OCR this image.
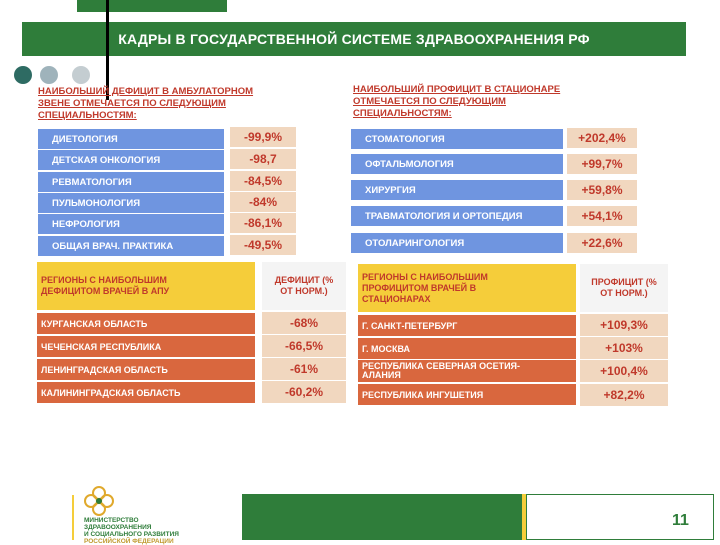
КАДРЫ В ГОСУДАРСТВЕННОЙ СИСТЕМЕ ЗДРАВООХРАНЕНИЯ РФ
НАИБОЛЬШИЙ ДЕФИЦИТ В АМБУЛАТОРНОМ
ЗВЕНЕ ОТМЕЧАЕТСЯ ПО СЛЕДУЮЩИМ
СПЕЦИАЛЬНОСТЯМ:
НАИБОЛЬШИЙ ПРОФИЦИТ В СТАЦИОНАРЕ
ОТМЕЧАЕТСЯ ПО СЛЕДУЮЩИМ
СПЕЦИАЛЬНОСТЯМ:
ДИЕТОЛОГИЯ	-99,9%
ДЕТСКАЯ ОНКОЛОГИЯ	-98,7
РЕВМАТОЛОГИЯ	-84,5%
ПУЛЬМОНОЛОГИЯ	-84%
НЕФРОЛОГИЯ	-86,1%
ОБЩАЯ ВРАЧ. ПРАКТИКА	-49,5%
СТОМАТОЛОГИЯ	+202,4%
ОФТАЛЬМОЛОГИЯ	+99,7%
ХИРУРГИЯ	+59,8%
ТРАВМАТОЛОГИЯ И ОРТОПЕДИЯ	+54,1%
ОТОЛАРИНГОЛОГИЯ	+22,6%
РЕГИОНЫ С НАИБОЛЬШИМ
ДЕФИЦИТОМ ВРАЧЕЙ В АПУ
ДЕФИЦИТ (%
ОТ НОРМ.)
КУРГАНСКАЯ ОБЛАСТЬ	-68%
ЧЕЧЕНСКАЯ РЕСПУБЛИКА	-66,5%
ЛЕНИНГРАДСКАЯ ОБЛАСТЬ	-61%
КАЛИНИНГРАДСКАЯ ОБЛАСТЬ	-60,2%
РЕГИОНЫ С НАИБОЛЬШИМ
ПРОФИЦИТОМ ВРАЧЕЙ В
СТАЦИОНАРАХ
ПРОФИЦИТ (%
ОТ НОРМ.)
Г. САНКТ-ПЕТЕРБУРГ	+109,3%
Г. МОСКВА	+103%
РЕСПУБЛИКА СЕВЕРНАЯ ОСЕТИЯ-
АЛАНИЯ	+100,4%
РЕСПУБЛИКА ИНГУШЕТИЯ	+82,2%
МИНИСТЕРСТВО
ЗДРАВООХРАНЕНИЯ
И СОЦИАЛЬНОГО РАЗВИТИЯ
РОССИЙСКОЙ ФЕДЕРАЦИИ
11
